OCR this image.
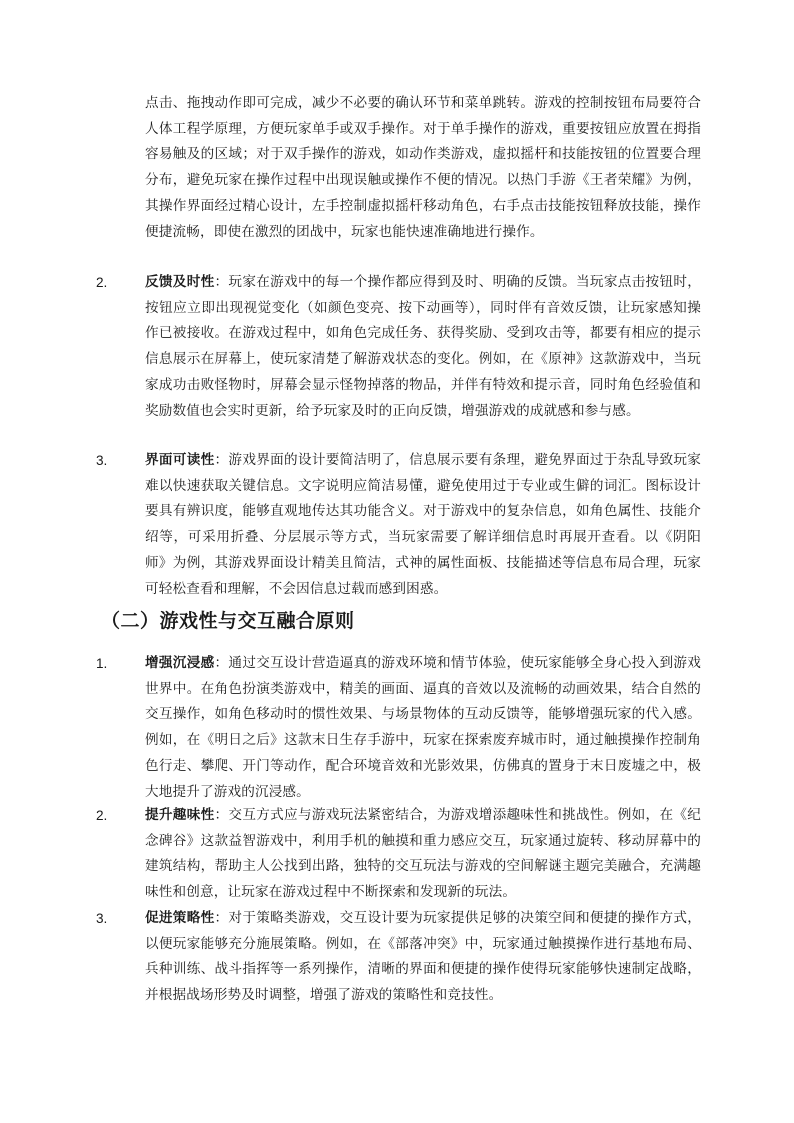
点击、拖拽动作即可完成，减少不必要的确认环节和菜单跳转。游戏的控制按钮布局要符合人体工程学原理，方便玩家单手或双手操作。对于单手操作的游戏，重要按钮应放置在拇指容易触及的区域；对于双手操作的游戏，如动作类游戏，虚拟摇杆和技能按钮的位置要合理分布，避免玩家在操作过程中出现误触或操作不便的情况。以热门手游《王者荣耀》为例，其操作界面经过精心设计，左手控制虚拟摇杆移动角色，右手点击技能按钮释放技能，操作便捷流畅，即使在激烈的团战中，玩家也能快速准确地进行操作。
2.	反馈及时性：玩家在游戏中的每一个操作都应得到及时、明确的反馈。当玩家点击按钮时，按钮应立即出现视觉变化（如颜色变亮、按下动画等），同时伴有音效反馈，让玩家感知操作已被接收。在游戏过程中，如角色完成任务、获得奖励、受到攻击等，都要有相应的提示信息展示在屏幕上，使玩家清楚了解游戏状态的变化。例如，在《原神》这款游戏中，当玩家成功击败怪物时，屏幕会显示怪物掉落的物品，并伴有特效和提示音，同时角色经验值和奖励数值也会实时更新，给予玩家及时的正向反馈，增强游戏的成就感和参与感。
3.	界面可读性：游戏界面的设计要简洁明了，信息展示要有条理，避免界面过于杂乱导致玩家难以快速获取关键信息。文字说明应简洁易懂，避免使用过于专业或生僻的词汇。图标设计要具有辨识度，能够直观地传达其功能含义。对于游戏中的复杂信息，如角色属性、技能介绍等，可采用折叠、分层展示等方式，当玩家需要了解详细信息时再展开查看。以《阴阳师》为例，其游戏界面设计精美且简洁，式神的属性面板、技能描述等信息布局合理，玩家可轻松查看和理解，不会因信息过载而感到困惑。
（二）游戏性与交互融合原则
1.	增强沉浸感：通过交互设计营造逼真的游戏环境和情节体验，使玩家能够全身心投入到游戏世界中。在角色扮演类游戏中，精美的画面、逼真的音效以及流畅的动画效果，结合自然的交互操作，如角色移动时的惯性效果、与场景物体的互动反馈等，能够增强玩家的代入感。例如，在《明日之后》这款末日生存手游中，玩家在探索废弃城市时，通过触摸操作控制角色行走、攀爬、开门等动作，配合环境音效和光影效果，仿佛真的置身于末日废墟之中，极大地提升了游戏的沉浸感。
2.	提升趣味性：交互方式应与游戏玩法紧密结合，为游戏增添趣味性和挑战性。例如，在《纪念碑谷》这款益智游戏中，利用手机的触摸和重力感应交互，玩家通过旋转、移动屏幕中的建筑结构，帮助主人公找到出路，独特的交互玩法与游戏的空间解谜主题完美融合，充满趣味性和创意，让玩家在游戏过程中不断探索和发现新的玩法。
3.	促进策略性：对于策略类游戏，交互设计要为玩家提供足够的决策空间和便捷的操作方式，以便玩家能够充分施展策略。例如，在《部落冲突》中，玩家通过触摸操作进行基地布局、兵种训练、战斗指挥等一系列操作，清晰的界面和便捷的操作使得玩家能够快速制定战略，并根据战场形势及时调整，增强了游戏的策略性和竞技性。
